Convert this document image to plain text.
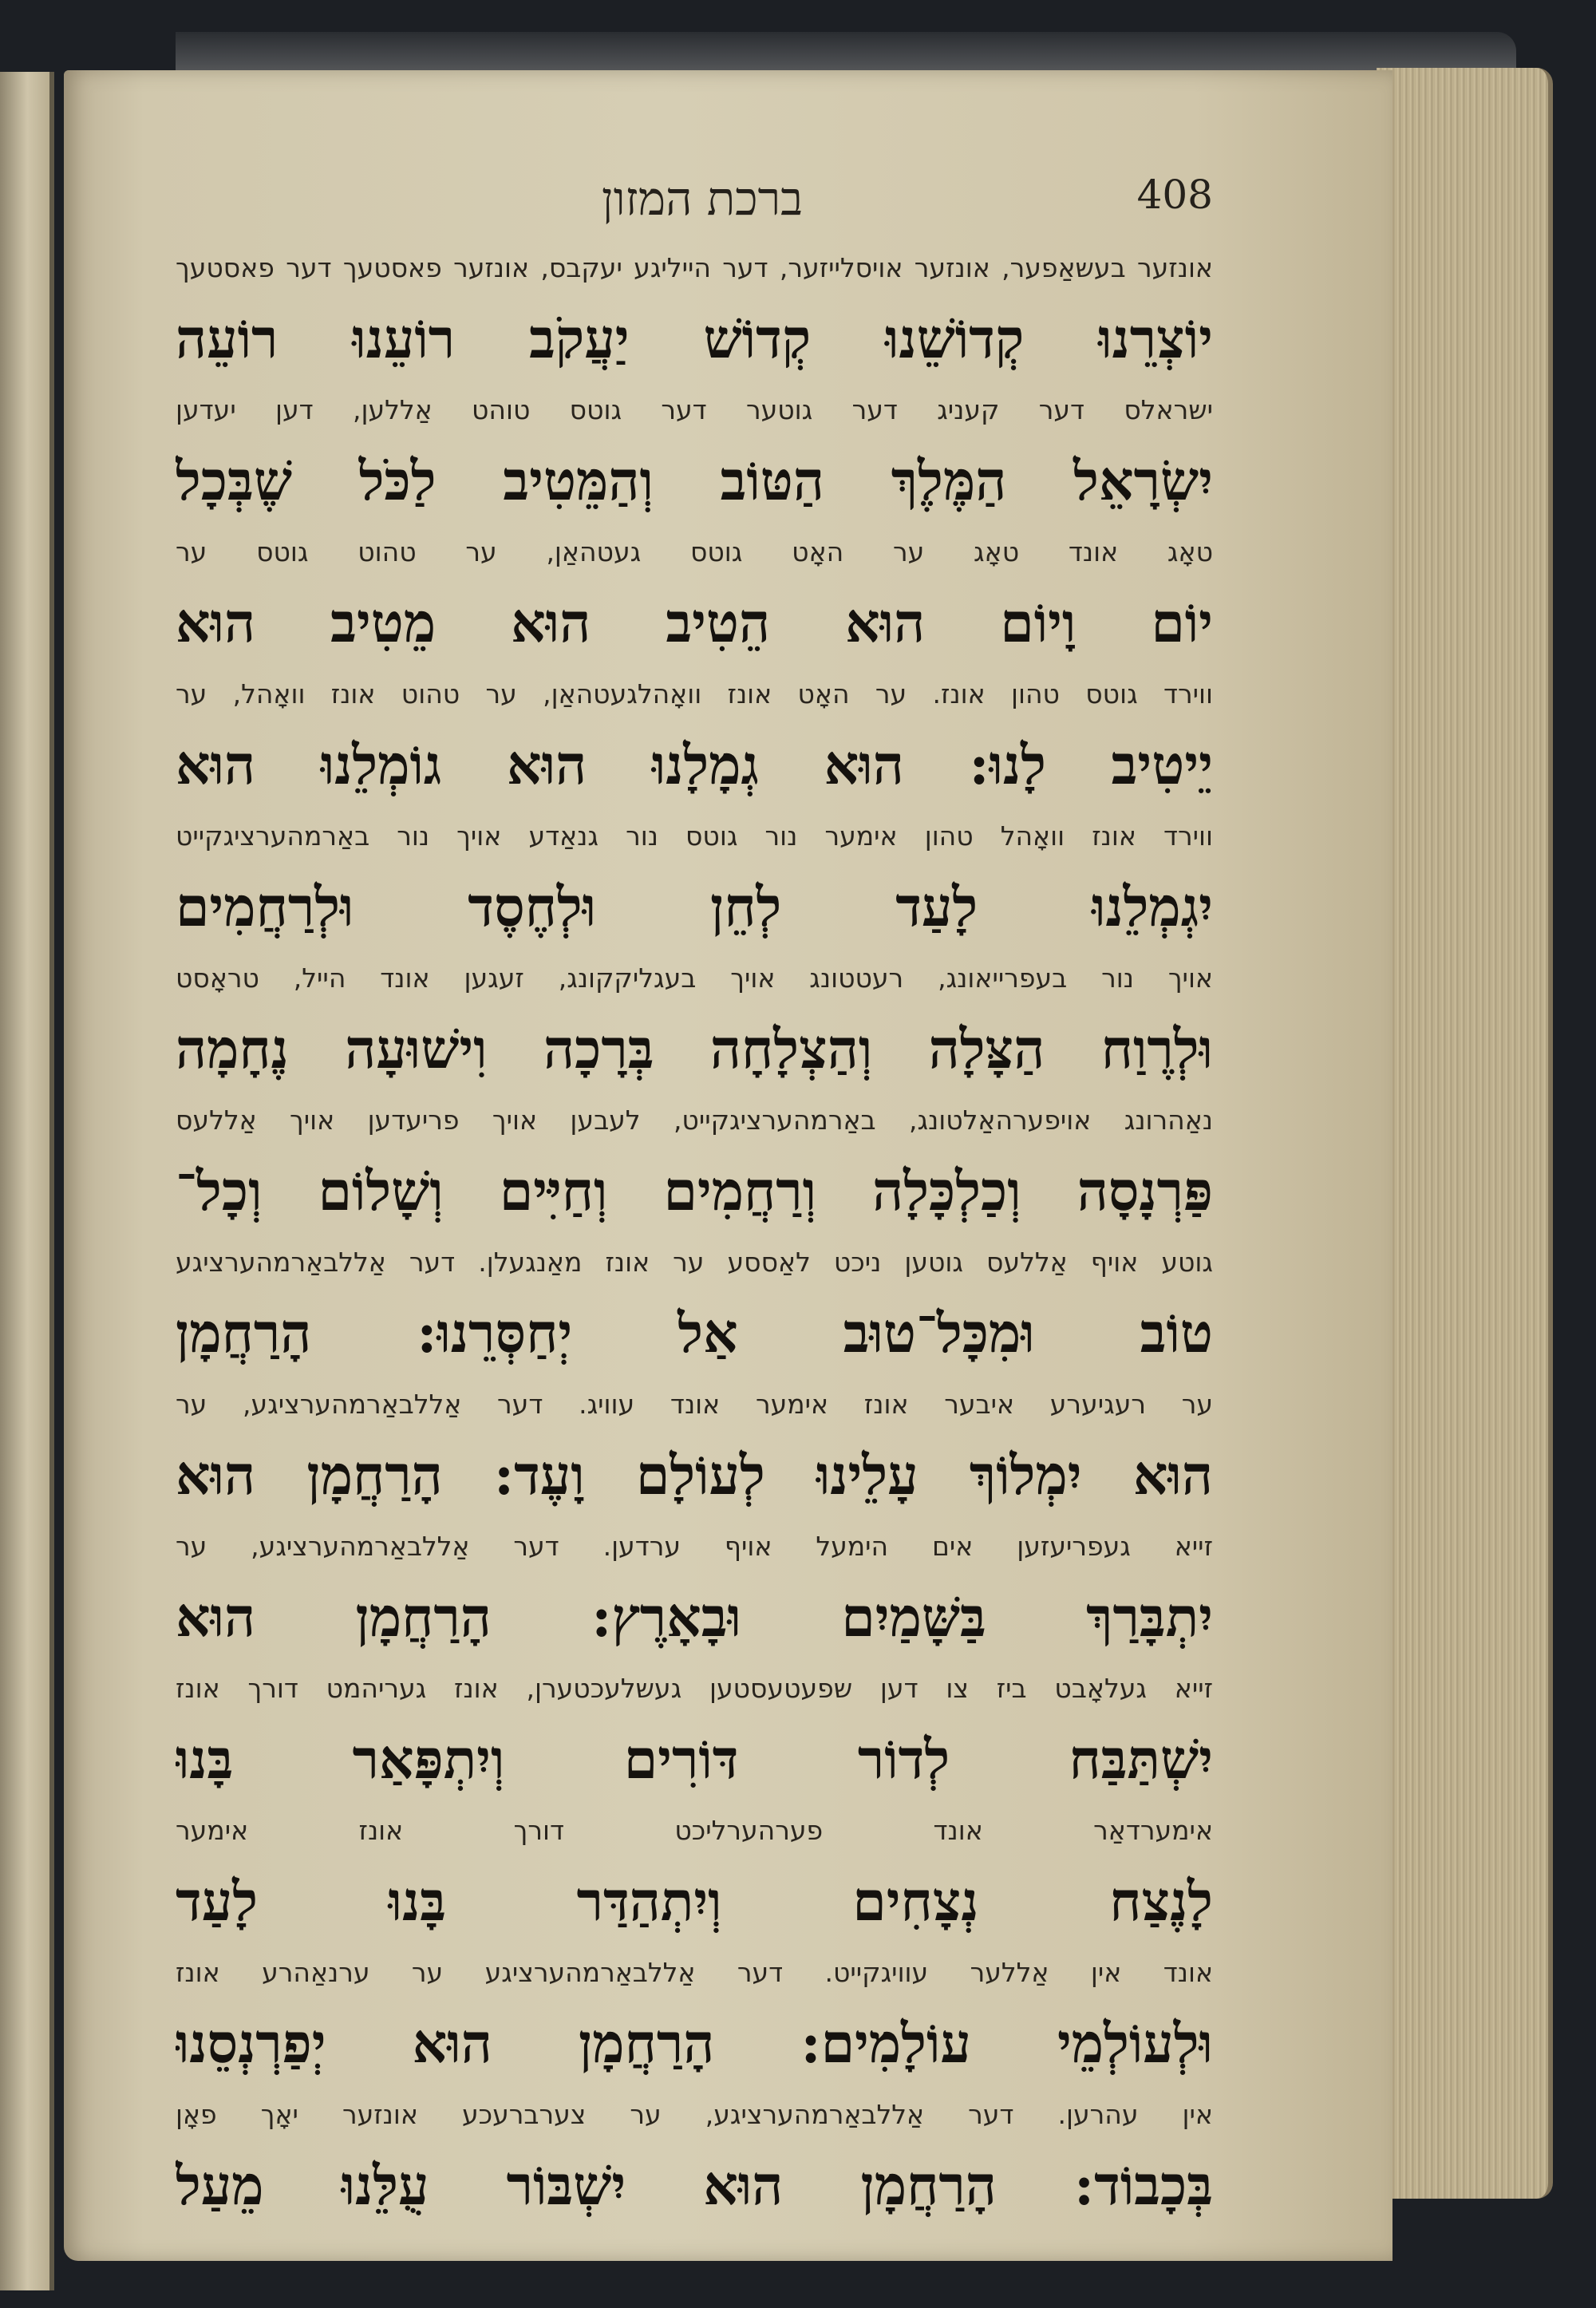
ברכת המזון	408
אונזער בעשאַפער, אונזער אויסלייזער, דער הייליגע יעקבס, אונזער פאסטעך דער פאסטעך
יוֹצְרֵנוּ קְדוֹשֵׁנוּ קְדוֹשׁ יַעֲקֹב רוֹעֵנוּ רוֹעֵה
ישראלס דער קעניג דער גוטער דער גוטס טוהט אַללען, דען יעדען
יִשְׂרָאֵל הַמֶּלֶךְ הַטּוֹב וְהַמֵּטִיב לַכֹּל שֶׁבְּכָל
טאָג אונד טאָג ער האָט גוטס געטהאַן, ער טהוט גוטס ער
יוֹם וָיוֹם הוּא הֵטִיב הוּא מֵטִיב הוּא
ווירד גוטס טהון אונז. ער האָט אונז וואָהלגעטהאַן, ער טהוט אונז וואָהל, ער
יֵיטִיב לָנוּ: הוּא גְמָלָנוּ הוּא גוֹמְלֵנוּ הוּא
ווירד אונז וואָהל טהון אימער נור גוטס נור גנאַדע אויך נור באַרמהערציגקייט
יִגְמְלֵנוּ לָעַד לְחֵן וּלְחֶסֶד וּלְרַחֲמִים
אויך נור בעפרייאונג, רעטטונג אויך בעגליקקונג, זעגען אונד הייל, טראָסט
וּלְרֶוַח הַצָּלָה וְהַצְלָחָה בְּרָכָה וִישׁוּעָה נֶחָמָה
נאַהרונג אויפערהאַלטונג, באַרמהערציגקייט, לעבען אויך פריעדען אויך אַללעס
פַּרְנָסָה וְכַלְכָּלָה וְרַחֲמִים וְחַיִּים וְשָׁלוֹם וְכָל־
גוטע אויף אַללעס גוטען ניכט לאַססע ער אונז מאַנגעלן. דער אַללבאַרמהערציגע
טוֹב וּמִכָּל־טוּב אַל יְחַסְּרֵנוּ: הָרַחֲמָן
ער רעגיערע איבער אונז אימער אונד עוויג. דער אַללבאַרמהערציגע, ער
הוּא יִמְלוֹךְ עָלֵינוּ לְעוֹלָם וָעֶד: הָרַחֲמָן הוּא
זייא געפריעזען אים הימעל אויף ערדען. דער אַללבאַרמהערציגע, ער
יִתְבָּרַךְ בַּשָּׁמַיִם וּבָאָרֶץ: הָרַחֲמָן הוּא
זייא געלאָבט ביז צו דען שפעטעסטען געשלעכטערן, אונז געריהמט דורך אונז
יִשְׁתַּבַּח לְדוֹר דּוֹרִים וְיִתְפָּאַר בָּנוּ
אימערדאַר אונד פערהערליכט דורך אונז אימער
לָנֶצַח נְצָחִים וְיִתְהַדַּר בָּנוּ לָעַד
אונד אין אַללער עוויגקייט. דער אַללבאַרמהערציגע ער ערנאַהרע אונז
וּלְעוֹלְמֵי עוֹלָמִים: הָרַחֲמָן הוּא יְפַרְנְסֵנוּ
אין עהרען. דער אַללבאַרמהערציגע, ער צערברעכע אונזער יאָך פאָן
בְּכָבוֹד: הָרַחֲמָן הוּא יִשְׁבּוֹר עֻלֵּנוּ מֵעַל
